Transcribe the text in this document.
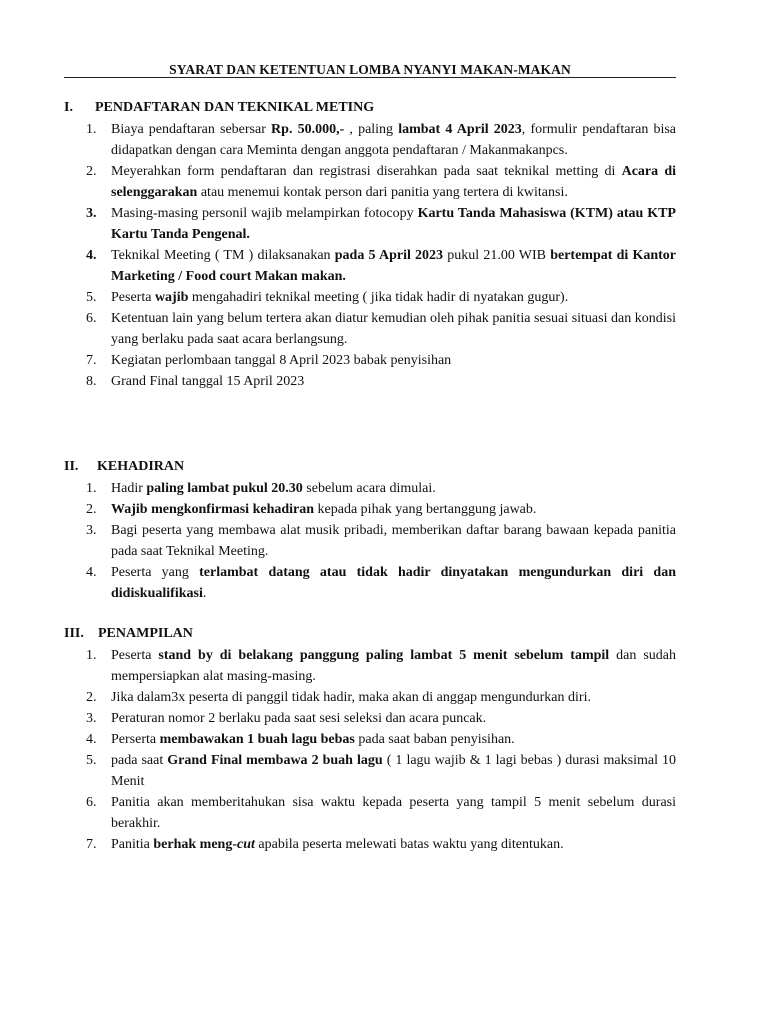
SYARAT DAN KETENTUAN LOMBA NYANYI MAKAN-MAKAN
I. PENDAFTARAN DAN TEKNIKAL METING
1.	Biaya pendaftaran sebersar Rp. 50.000,- , paling lambat 4 April 2023, formulir pendaftaran bisa didapatkan dengan cara Meminta dengan anggota pendaftaran / Makanmakanpcs.
2.	Meyerahkan form pendaftaran dan registrasi diserahkan pada saat teknikal metting di Acara di selenggarakan atau menemui kontak person dari panitia yang tertera di kwitansi.
3.	Masing-masing personil wajib melampirkan fotocopy Kartu Tanda Mahasiswa (KTM) atau KTP Kartu Tanda Pengenal.
4.	Teknikal Meeting ( TM ) dilaksanakan pada 5 April 2023 pukul 21.00 WIB bertempat di Kantor Marketing / Food court Makan makan.
5.	Peserta wajib mengahadiri teknikal meeting ( jika tidak hadir di nyatakan gugur).
6.	Ketentuan lain yang belum tertera akan diatur kemudian oleh pihak panitia sesuai situasi dan kondisi yang berlaku pada saat acara berlangsung.
7.	Kegiatan perlombaan tanggal 8 April 2023 babak penyisihan
8.	Grand Final tanggal 15 April 2023
II. KEHADIRAN
1.	Hadir paling lambat pukul 20.30 sebelum acara dimulai.
2.	Wajib mengkonfirmasi kehadiran kepada pihak yang bertanggung jawab.
3.	Bagi peserta yang membawa alat musik pribadi, memberikan daftar barang bawaan kepada panitia pada saat Teknikal Meeting.
4.	Peserta yang terlambat datang atau tidak hadir dinyatakan mengundurkan diri dan didiskualifikasi.
III. PENAMPILAN
1.	Peserta stand by di belakang panggung paling lambat 5 menit sebelum tampil dan sudah mempersiapkan alat masing-masing.
2.	Jika dalam3x peserta di panggil tidak hadir, maka akan di anggap mengundurkan diri.
3.	Peraturan nomor 2 berlaku pada saat sesi seleksi dan acara puncak.
4.	Perserta membawakan 1 buah lagu bebas pada saat baban penyisihan.
5.	pada saat Grand Final membawa 2 buah lagu ( 1 lagu wajib & 1 lagi bebas ) durasi maksimal 10 Menit
6.	Panitia akan memberitahukan sisa waktu kepada peserta yang tampil 5 menit sebelum durasi berakhir.
7.	Panitia berhak meng-cut apabila peserta melewati batas waktu yang ditentukan.
